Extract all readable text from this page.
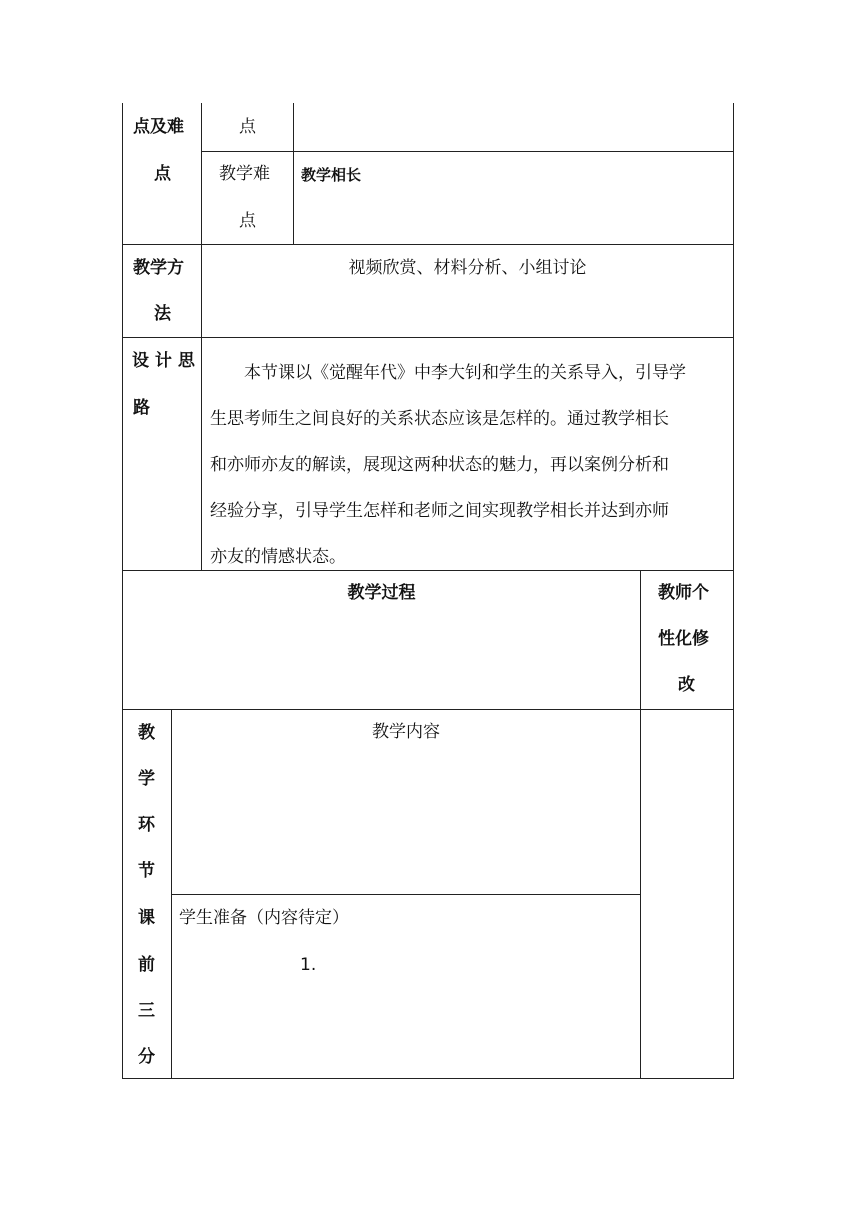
点及难
点
点
教学难
点
教学相长
教学方
法
视频欣赏、材料分析、小组讨论
设 计 思
路
　　本节课以《觉醒年代》中李大钊和学生的关系导入，引导学
生思考师生之间良好的关系状态应该是怎样的。通过教学相长
和亦师亦友的解读，展现这两种状态的魅力，再以案例分析和
经验分享，引导学生怎样和老师之间实现教学相长并达到亦师
亦友的情感状态。
教学过程	教师个
性化修
改
教
学
环
节
教学内容
课
前
三
分
学生准备（内容待定）
1.
